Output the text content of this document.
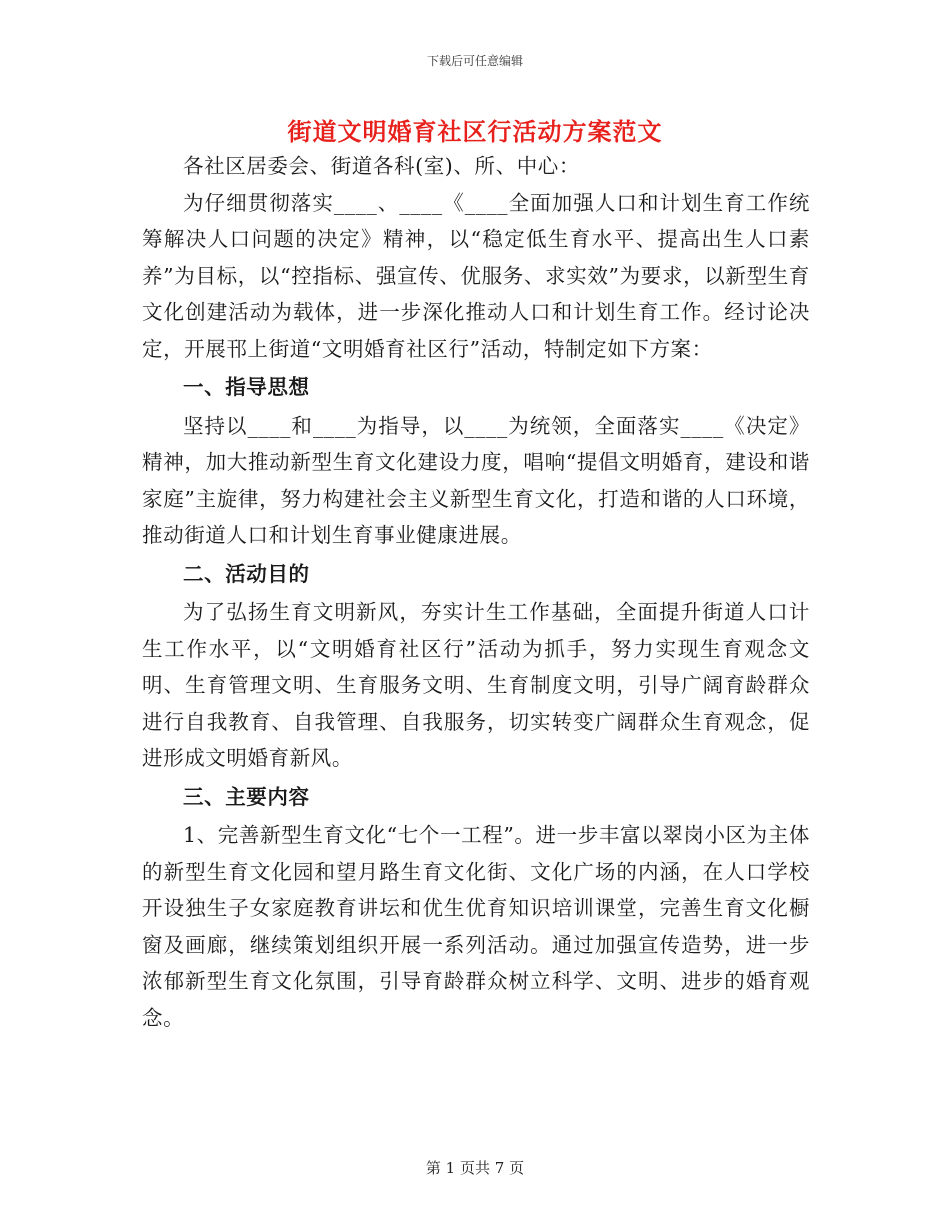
下载后可任意编辑
街道文明婚育社区行活动方案范文

各社区居委会、街道各科(室)、所、中心：

为仔细贯彻落实____、____《____全面加强人口和计划生育工作统筹解决人口问题的决定》精神，以“稳定低生育水平、提高出生人口素养”为目标，以“控指标、强宣传、优服务、求实效”为要求，以新型生育文化创建活动为载体，进一步深化推动人口和计划生育工作。经讨论决定，开展邗上街道“文明婚育社区行”活动，特制定如下方案：

一、指导思想

坚持以____和____为指导，以____为统领，全面落实____《决定》精神，加大推动新型生育文化建设力度，唱响“提倡文明婚育，建设和谐家庭”主旋律，努力构建社会主义新型生育文化，打造和谐的人口环境，推动街道人口和计划生育事业健康进展。

二、活动目的

为了弘扬生育文明新风，夯实计生工作基础，全面提升街道人口计生工作水平，以“文明婚育社区行”活动为抓手，努力实现生育观念文明、生育管理文明、生育服务文明、生育制度文明，引导广阔育龄群众进行自我教育、自我管理、自我服务，切实转变广阔群众生育观念，促进形成文明婚育新风。

三、主要内容

1、完善新型生育文化“七个一工程”。进一步丰富以翠岗小区为主体的新型生育文化园和望月路生育文化街、文化广场的内涵，在人口学校开设独生子女家庭教育讲坛和优生优育知识培训课堂，完善生育文化橱窗及画廊，继续策划组织开展一系列活动。通过加强宣传造势，进一步浓郁新型生育文化氛围，引导育龄群众树立科学、文明、进步的婚育观念。

第 1 页共 7 页
